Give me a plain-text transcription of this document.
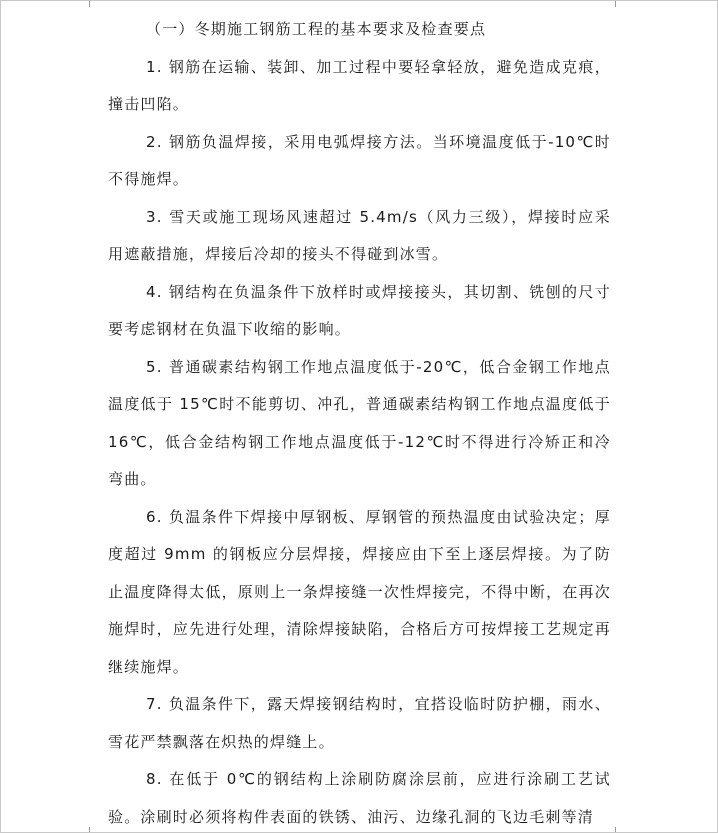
（一）冬期施工钢筋工程的基本要求及检查要点

1. 钢筋在运输、装卸、加工过程中要轻拿轻放，避免造成克痕，撞击凹陷。

2. 钢筋负温焊接，采用电弧焊接方法。当环境温度低于-10℃时不得施焊。

3. 雪天或施工现场风速超过 5.4m/s（风力三级），焊接时应采用遮蔽措施，焊接后冷却的接头不得碰到冰雪。

4. 钢结构在负温条件下放样时或焊接接头，其切割、铣刨的尺寸要考虑钢材在负温下收缩的影响。

5. 普通碳素结构钢工作地点温度低于-20℃，低合金钢工作地点温度低于 15℃时不能剪切、冲孔，普通碳素结构钢工作地点温度低于 16℃，低合金结构钢工作地点温度低于-12℃时不得进行冷矫正和冷弯曲。

6. 负温条件下焊接中厚钢板、厚钢管的预热温度由试验决定；厚度超过 9mm 的钢板应分层焊接，焊接应由下至上逐层焊接。为了防止温度降得太低，原则上一条焊接缝一次性焊接完，不得中断，在再次施焊时，应先进行处理，清除焊接缺陷，合格后方可按焊接工艺规定再继续施焊。

7. 负温条件下，露天焊接钢结构时，宜搭设临时防护棚，雨水、雪花严禁飘落在炽热的焊缝上。

8. 在低于 0℃的钢结构上涂刷防腐涂层前，应进行涂刷工艺试验。涂刷时必须将构件表面的铁锈、油污、边缘孔洞的飞边毛刺等清
